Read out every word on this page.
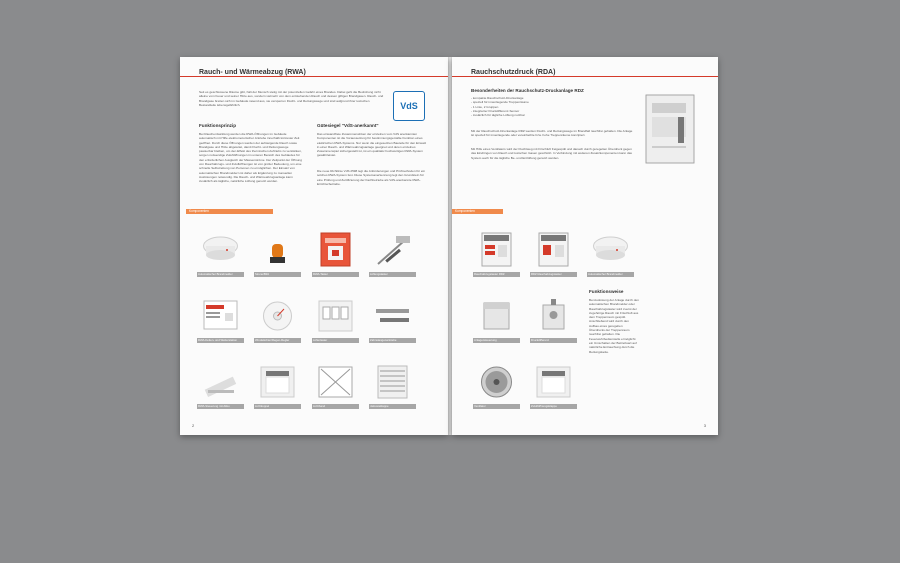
Rauch- und Wärmeabzug (RWA)
Seit es geschlossene Räume gibt, hält der Mensch stetig mit der potenziellen Gefahr eines Brandes. Dabei geht die Bedrohung nicht alleine vom Feuer und seiner Hitze aus, sondern vielmehr von dem entstehenden Rauch und dessen giftigen Brandgasen. Rauch- und Brandgase breiten sich im Gebäude rasend aus, sie versperren Flucht- und Rettungswege und sind aufgrund ihrer toxischen Bestandteile lebensgefährlich.	VdS
Funktionsprinzip
Bei Rauchentwicklung werden die RWA-Öffnungen im Gebäude automatisch mit Hilfe elektromotorischer Antriebe innerhalb kürzester Zeit geöffnet. Durch diese Öffnungen werden der aufsteigende Rauch sowie Brandgase und Hitze abgeleitet, damit Flucht- und Rettungswege passierbar bleiben, um den Effekt des thermischen Auftriebs zu verstärken, sorgen notwendige Zuluftöffnungen im unteren Bereich des Gebäudes für den erforderlichen Ausgleich der Massenströme. Der Zeitpunkt der Öffnung von Rauchabzugs- und Zuluftöffnungen ist von großer Bedeutung, um eine schnelle Selbstrettung von Personen zu ermöglichen. Der Einsatz von automatischen Brandmeldern ist daher als Ergänzung zu manuellen Auslösungen notwendig. Die Rauch- und Wärmeabzugsanlage kann zusätzlich als tägliche, natürliche Lüftung genutzt werden.
Gütesiegel "VdS-anerkannt"
Das einwandfreie Zusammenwirken der einzelnen vom VdS anerkannten Komponenten ist die Voraussetzung für bestimmungsgemäße Funktion eines elektrischen RWA-Systems. Nur wenn die eingesetzten Bauteile für den Einsatz in einer Rauch- und Wärmeabzugsanlage geeignet und deren einzelnes Zusammenspiel sichergestellt ist, ist ein qualitativ hochwertiges RWA-System gewährleistet.
Die neue Richtlinie VdS 2598 legt die Anforderungen und Prüfmethoden für ein solches RWA-System fest. Diese Systemanerkennung legt den Grundstein für eine Prüfung und Zertifizierung der Fachbetriebe als VdS-anerkannte RWA-Errichterbetriebe.
Komponenten
Automatischer Brandmelder	Sirene/Blitz	RWA-Taster	Lüftungstaster
RWA-Ketten- und Wetterstation	Windwächter/Regen-Regler	Lüftertaster	Zahnstangenantriebe
RWA-Steuerung mit Akku	Lichtkuppel	Lichtband	Jalousieklappe
2
Rauchschutzdruck (RDA)
Besonderheiten der Rauchschutz-Druckanlage RDZ
- kompakte Rauchschutz-Druckanlage
- speziell für innenliegende Treppenräume
- 1 Linie, 2 Gruppen
- integrierter Druckdifferenz-Sensor
- zusätzlich für tägliche Lüftung nutzbar
Mit der Rauchschutz-Druckanlage RDZ werden Flucht- und Rettungswege im Brandfall rauchfrei gehalten. Die Anlage ist speziell für innenliegende oder vereinfachte bzw. hohe Treppenräume konzipiert.
Mit Hilfe eines Ventilators wird der Fluchtweg mit Frischluft freigespült und danach durch geregelten Überdruck gegen das Eindringen von Rauch und toxischen Gasen geschützt. In Verbindung mit weiteren Zusatzkomponenten kann das System auch für die tägliche Be- und Entlüftung genutzt werden.
Komponenten
Rauchabzugstaster RDZ	RDZ Rauchabzugstaster	Automatischer Brandmelder
Anlagensteuerung	Druckdifferenz
Funktionsweise
Bei Auslösung der Anlage durch den automatischen Brandmelder oder Rauchabzugstaster wird zuerst der zugehörige Rauch mit Frischluft aus dem Treppenraum gespült. Anschließend wird durch den Aufbau eines geregelten Überdrucks der Treppenraum rauchfrei gehalten. Die Feuerwehrbedienstelle ermöglicht ein Umschalten der Betriebsart auf natürliche Entrauchung durch die Rettungskette.
Ventilator	Zuluftöffnungsklappe
3
